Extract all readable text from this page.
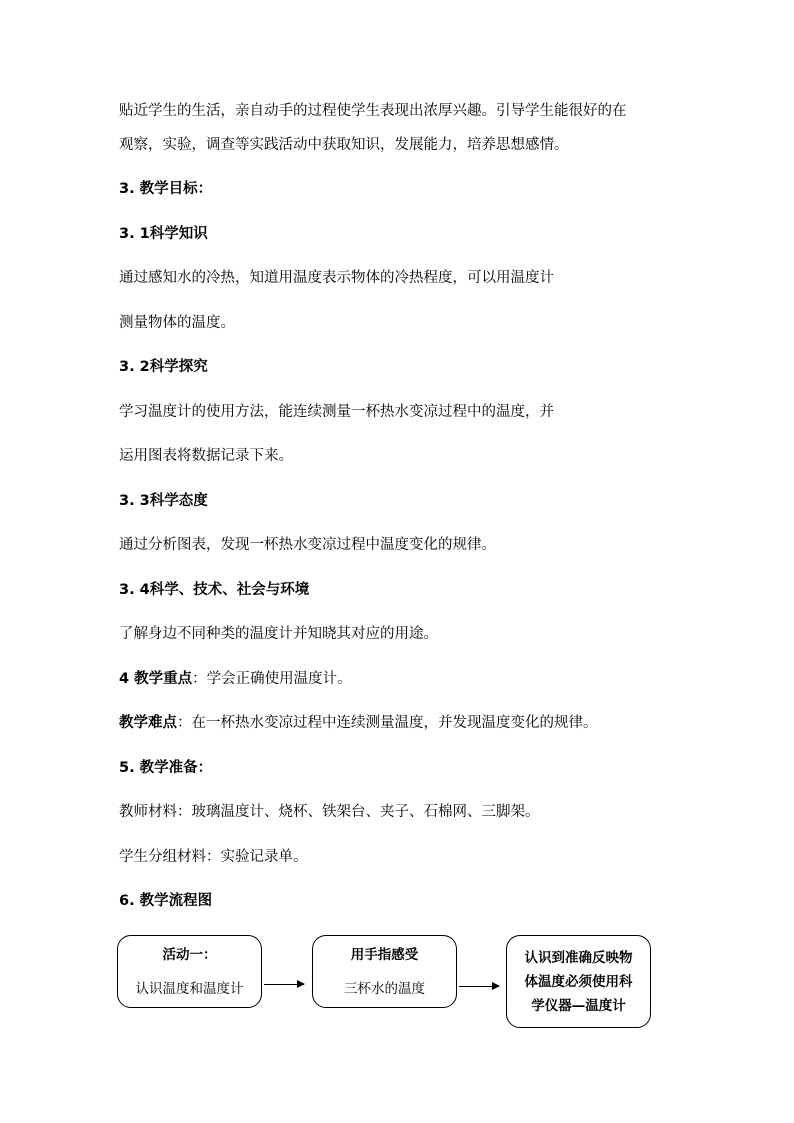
贴近学生的生活，亲自动手的过程使学生表现出浓厚兴趣。引导学生能很好的在
观察，实验，调查等实践活动中获取知识，发展能力，培养思想感情。
3. 教学目标：
3. 1科学知识
通过感知水的冷热，知道用温度表示物体的冷热程度，可以用温度计
测量物体的温度。
3. 2科学探究
学习温度计的使用方法，能连续测量一杯热水变凉过程中的温度，并
运用图表将数据记录下来。
3. 3科学态度
通过分析图表，发现一杯热水变凉过程中温度变化的规律。
3. 4科学、技术、社会与环境
了解身边不同种类的温度计并知晓其对应的用途。
4 教学重点：学会正确使用温度计。
教学难点：在一杯热水变凉过程中连续测量温度，并发现温度变化的规律。
5. 教学准备：
教师材料：玻璃温度计、烧杯、铁架台、夹子、石棉网、三脚架。
学生分组材料：实验记录单。
6. 教学流程图
活动一：
认识温度和温度计
用手指感受
三杯水的温度
认识到准确反映物
体温度必须使用科
学仪器—温度计
